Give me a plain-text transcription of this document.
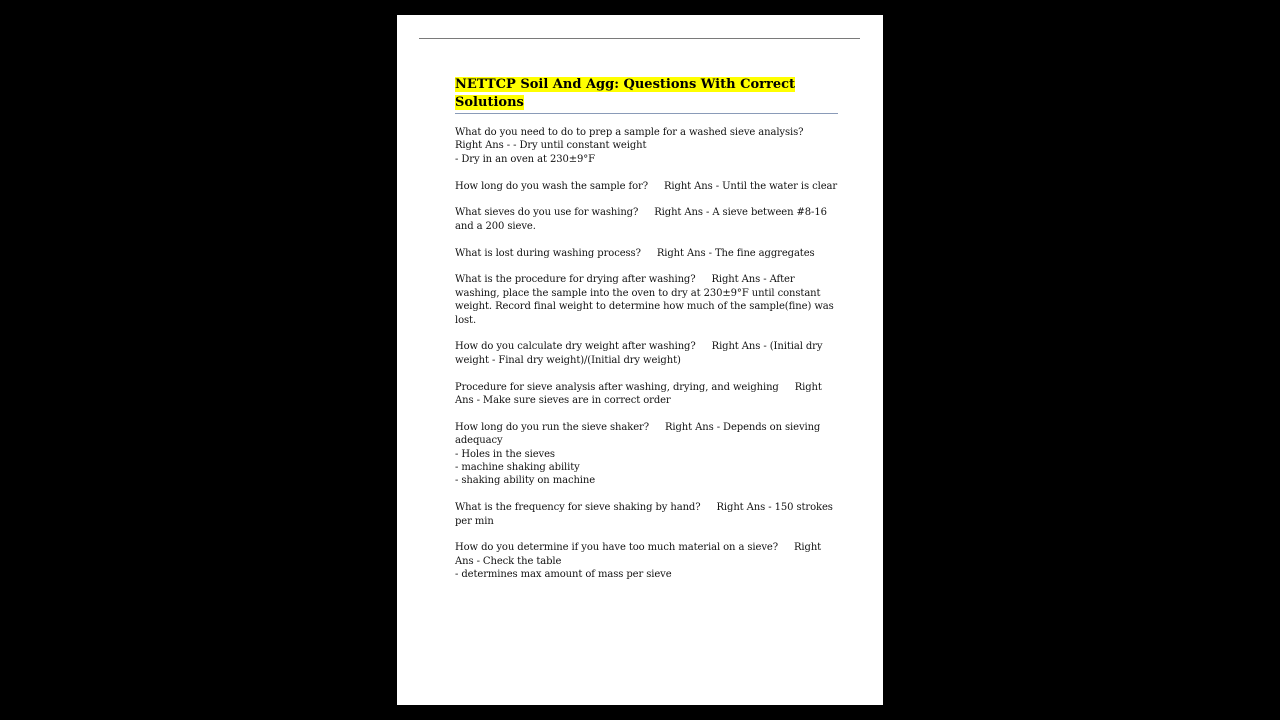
NETTCP Soil And Agg: Questions With Correct Solutions
What do you need to do to prep a sample for a washed sieve analysis?Right Ans - - Dry until constant weight
- Dry in an oven at 230±9°F
How long do you wash the sample for? Right Ans - Until the water is clear
What sieves do you use for washing? Right Ans - A sieve between #8-16 and a 200 sieve.
What is lost during washing process? Right Ans - The fine aggregates
What is the procedure for drying after washing? Right Ans - After washing, place the sample into the oven to dry at 230±9°F until constant weight. Record final weight to determine how much of the sample(fine) was lost.
How do you calculate dry weight after washing? Right Ans - (Initial dry weight - Final dry weight)/(Initial dry weight)
Procedure for sieve analysis after washing, drying, and weighing Right Ans - Make sure sieves are in correct order
How long do you run the sieve shaker? Right Ans - Depends on sieving adequacy
- Holes in the sieves
- machine shaking ability
- shaking ability on machine
What is the frequency for sieve shaking by hand? Right Ans - 150 strokes per min
How do you determine if you have too much material on a sieve? Right Ans - Check the table
- determines max amount of mass per sieve
